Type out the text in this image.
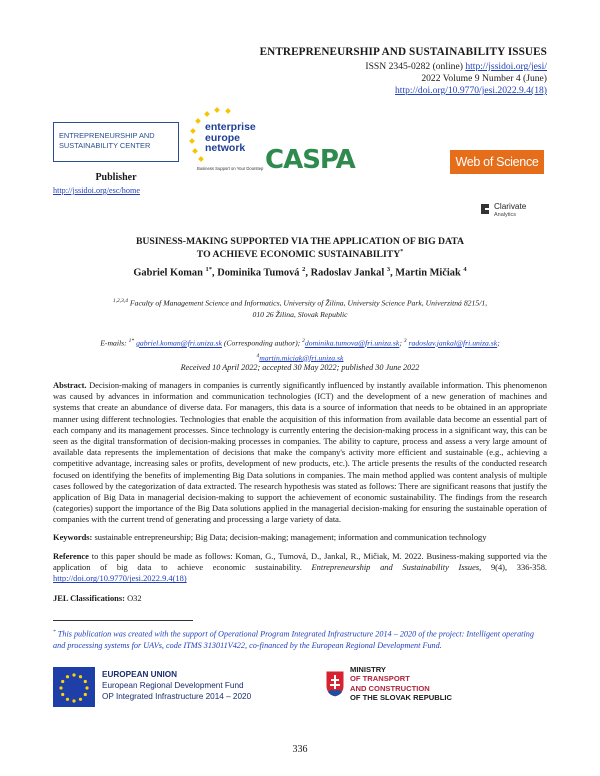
ENTREPRENEURSHIP AND SUSTAINABILITY ISSUES
ISSN 2345-0282 (online) http://jssidoi.org/jesi/
2022 Volume 9 Number 4 (June)
http://doi.org/10.9770/jesi.2022.9.4(18)
ENTREPRENEURSHIP AND
SUSTAINABILITY CENTER
Publisher
http://jssidoi.org/esc/home
enterprise
europe
network
Business Support on Your Doorstep CASPA	Web of Science
Clarivate
Analytics
BUSINESS-MAKING SUPPORTED VIA THE APPLICATION OF BIG DATA
TO ACHIEVE ECONOMIC SUSTAINABILITY*
Gabriel Koman $^{1*}$, Dominika Tumová $^2$, Radoslav Jankal $^3$, Martin Mičiak $^4$
$^{1,2,3,4}$ Faculty of Management Science and Informatics, University of Žilina, University Science Park, Univerzitná 8215/1,
010 26 Žilina, Slovak Republic
E-mails: $^{1*}$ gabriel.koman@fri.uniza.sk (Corresponding author); $^2$dominika.tumova@fri.uniza.sk; $^3$ radoslav.jankal@fri.uniza.sk;
$^4$martin.miciak@fri.uniza.sk
Received 10 April 2022; accepted 30 May 2022; published 30 June 2022
Abstract. Decision-making of managers in companies is currently significantly influenced by instantly available information. This phenomenon was caused by advances in information and communication technologies (ICT) and the development of a new generation of machines and systems that create an abundance of diverse data. For managers, this data is a source of information that needs to be obtained in an appropriate manner using different technologies. Technologies that enable the acquisition of this information from available data become an essential part of each company and its management processes. Since technology is currently entering the decision-making process in a significant way, this can be seen as the digital transformation of decision-making processes in companies. The ability to capture, process and assess a very large amount of available data represents the implementation of decisions that make the company's activity more efficient and sustainable (e.g., achieving a competitive advantage, increasing sales or profits, development of new products, etc.). The article presents the results of the conducted research focused on identifying the benefits of implementing Big Data solutions in companies. The main method applied was content analysis of multiple cases followed by the categorization of data extracted. The research hypothesis was stated as follows: There are significant reasons that justify the application of Big Data in managerial decision-making to support the achievement of economic sustainability. The findings from the research (categories) support the importance of the Big Data solutions applied in the managerial decision-making for ensuring the sustainable operation of companies with the current trend of generating and processing a large variety of data.
Keywords: sustainable entrepreneurship; Big Data; decision-making; management; information and communication technology
Reference to this paper should be made as follows: Koman, G., Tumová, D., Jankal, R., Mičiak, M. 2022. Business-making supported via the application of big data to achieve economic sustainability. Entrepreneurship and Sustainability Issues, 9(4), 336-358. http://doi.org/10.9770/jesi.2022.9.4(18)
JEL Classifications: O32
* This publication was created with the support of Operational Program Integrated Infrastructure 2014 – 2020 of the project: Intelligent operating and processing systems for UAVs, code ITMS 313011V422, co-financed by the European Regional Development Fund.
EUROPEAN UNION
European Regional Development Fund
OP Integrated Infrastructure 2014 – 2020
MINISTRY
OF TRANSPORT
AND CONSTRUCTION
OF THE SLOVAK REPUBLIC
336
